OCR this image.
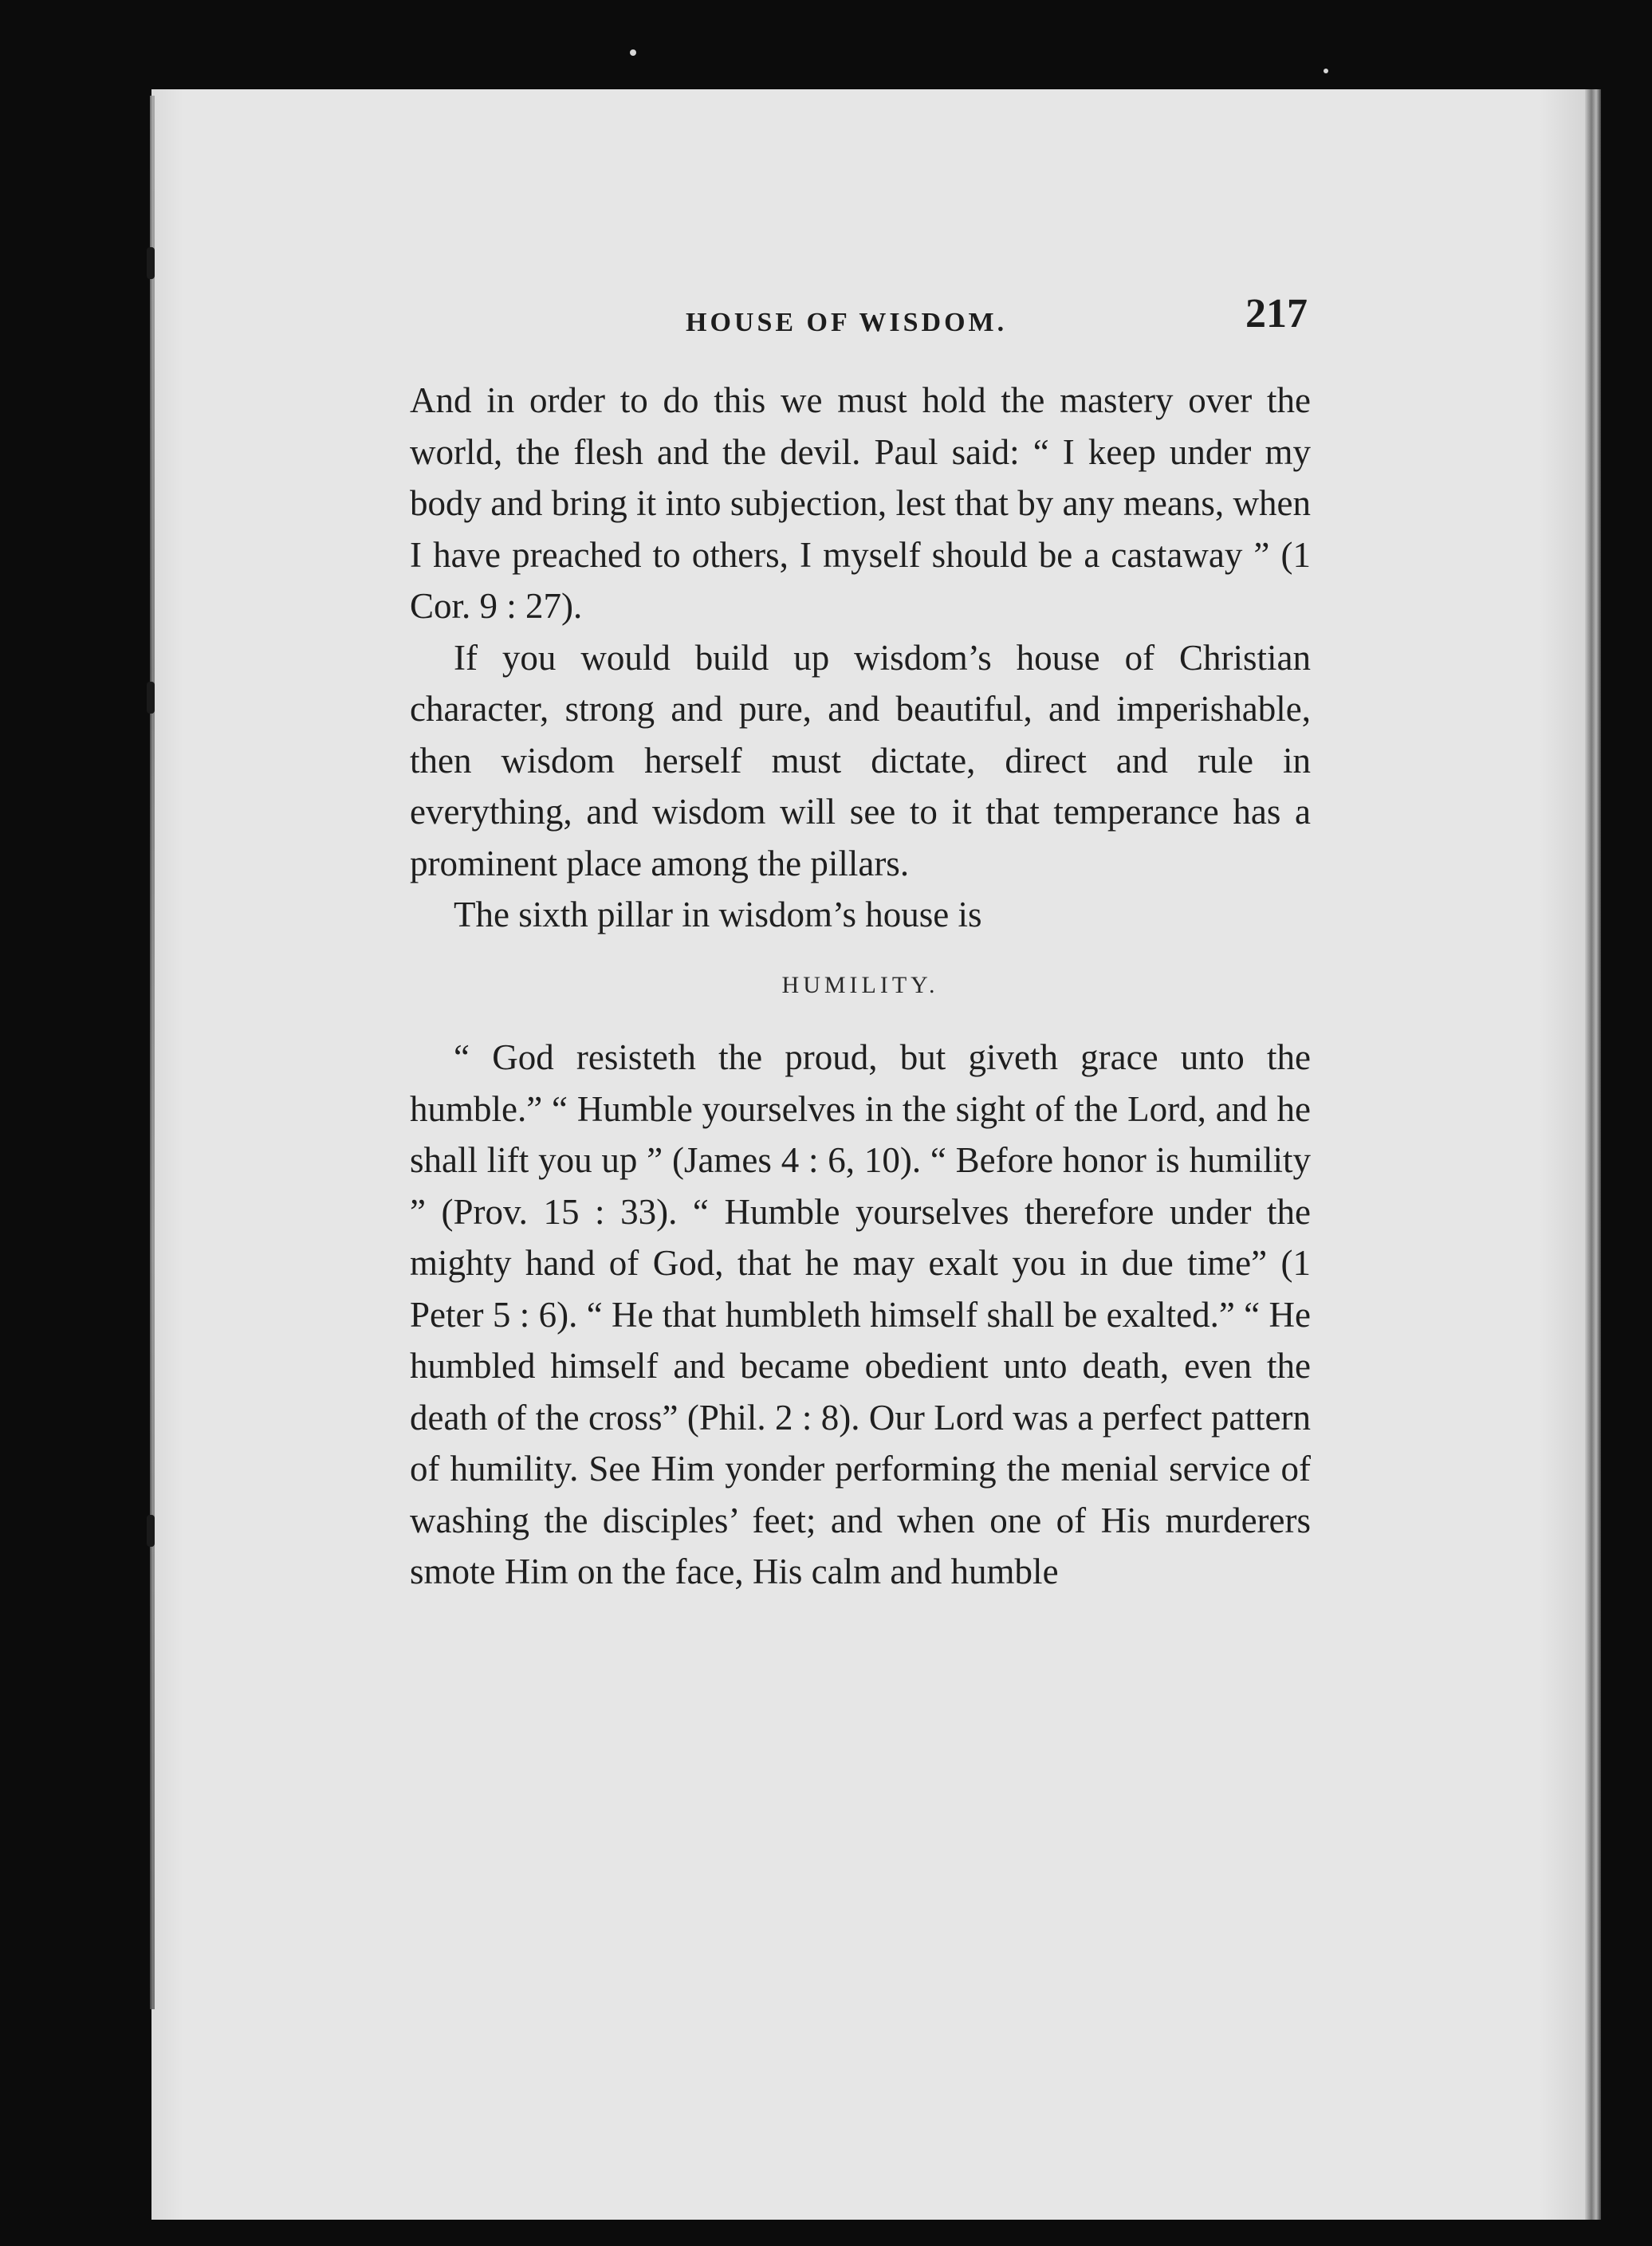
HOUSE OF WISDOM.	217

And in order to do this we must hold the mastery over the world, the flesh and the devil. Paul said: “ I keep under my body and bring it into subjection, lest that by any means, when I have preached to others, I myself should be a castaway ” (1 Cor. 9 : 27).

If you would build up wisdom’s house of Christian character, strong and pure, and beautiful, and imperishable, then wisdom herself must dictate, direct and rule in everything, and wisdom will see to it that temperance has a prominent place among the pillars.

The sixth pillar in wisdom’s house is

HUMILITY.

“ God resisteth the proud, but giveth grace unto the humble.” “ Humble yourselves in the sight of the Lord, and he shall lift you up ” (James 4 : 6, 10). “ Before honor is humility ” (Prov. 15 : 33). “ Humble yourselves therefore under the mighty hand of God, that he may exalt you in due time” (1 Peter 5 : 6). “ He that humbleth himself shall be exalted.” “ He humbled himself and became obedient unto death, even the death of the cross” (Phil. 2 : 8). Our Lord was a perfect pattern of humility. See Him yonder performing the menial service of washing the disciples’ feet; and when one of His murderers smote Him on the face, His calm and humble
